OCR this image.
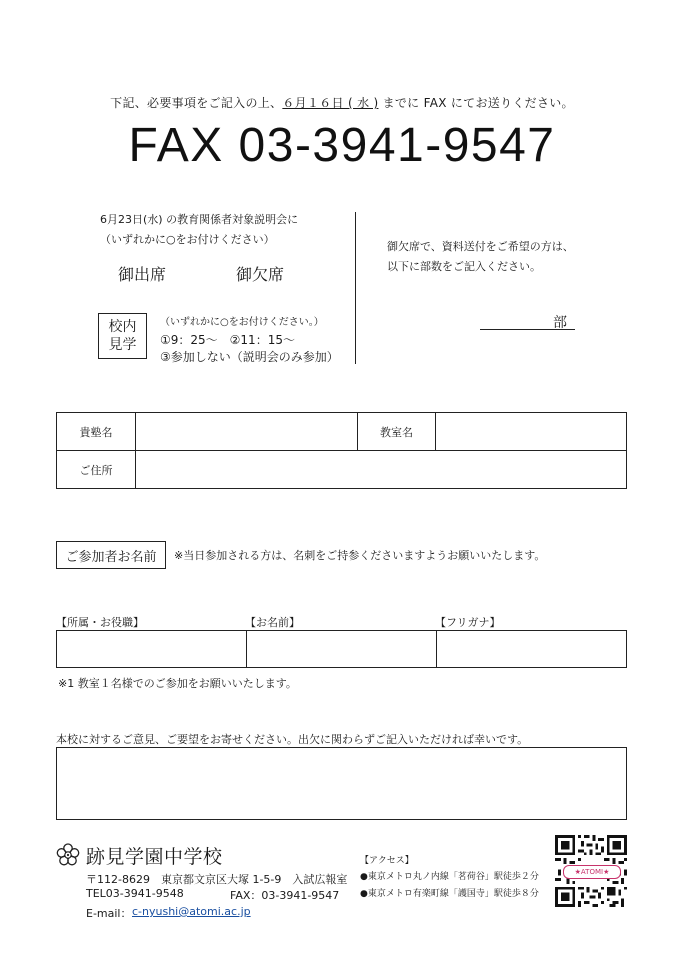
下記、必要事項をご記入の上、６月１６日 ( 水 ) までに FAX にてお送りください。
FAX 03-3941-9547
6月23日(水) の教育関係者対象説明会に
（いずれかに○をお付けください）
御出席	御欠席
校内
見学
（いずれかに○をお付けください。）
①9：25～　②11：15～
③参加しない（説明会のみ参加）
御欠席で、資料送付をご希望の方は、
以下に部数をご記入ください。
部
貴塾名	教室名
ご住所
ご参加者お名前	※当日参加される方は、名刺をご持参くださいますようお願いいたします。
【所属・お役職】	【お名前】	【フリガナ】
※1 教室１名様でのご参加をお願いいたします。
本校に対するご意見、ご要望をお寄せください。出欠に関わらずご記入いただければ幸いです。
跡見学園中学校
〒112-8629　東京都文京区大塚 1-5-9　入試広報室
TEL03-3941-9548	FAX：03-3941-9547
E-mail： c-nyushi@atomi.ac.jp
【アクセス】
●東京メトロ丸ノ内線「茗荷谷」駅徒歩２分
●東京メトロ有楽町線「護国寺」駅徒歩８分
★ATOMI★
